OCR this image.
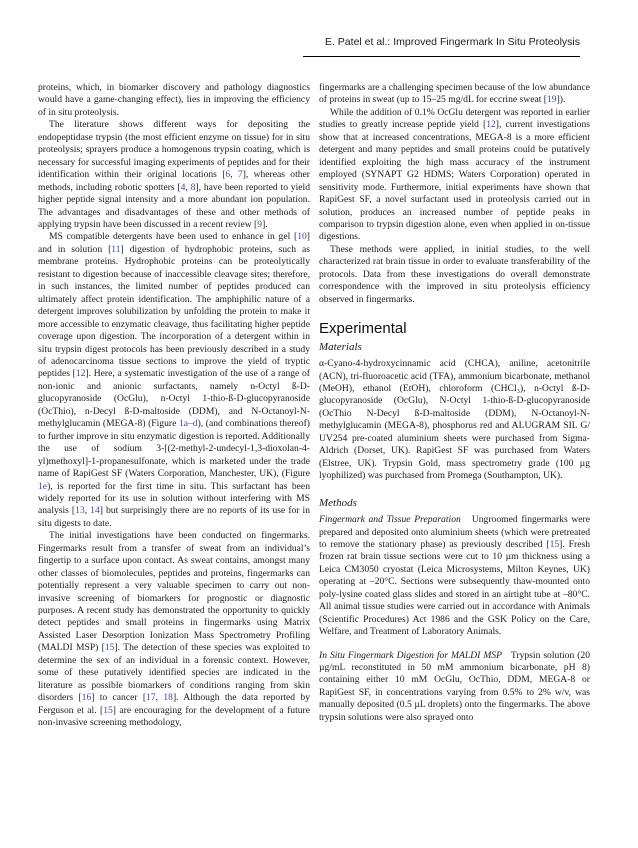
E. Patel et al.: Improved Fingermark In Situ Proteolysis

proteins, which, in biomarker discovery and pathology diagnostics would have a game-changing effect), lies in improving the efficiency of in situ proteolysis.

The literature shows different ways for depositing the endopeptidase trypsin (the most efficient enzyme on tissue) for in situ proteolysis; sprayers produce a homogenous trypsin coating, which is necessary for successful imaging experiments of peptides and for their identification within their original locations [6, 7], whereas other methods, including robotic spotters [4, 8], have been reported to yield higher peptide signal intensity and a more abundant ion population. The advantages and disadvantages of these and other methods of applying trypsin have been discussed in a recent review [9].

MS compatible detergents have been used to enhance in gel [10] and in solution [11] digestion of hydrophobic proteins, such as membrane proteins. Hydrophobic proteins can be proteolytically resistant to digestion because of inaccessible cleavage sites; therefore, in such instances, the limited number of peptides produced can ultimately affect protein identification. The amphiphilic nature of a detergent improves solubilization by unfolding the protein to make it more accessible to enzymatic cleavage, thus facilitating higher peptide coverage upon digestion. The incorporation of a detergent within in situ trypsin digest protocols has been previously described in a study of adenocarcinoma tissue sections to improve the yield of tryptic peptides [12]. Here, a systematic investigation of the use of a range of non-ionic and anionic surfactants, namely n-Octyl ß-D-glucopyranoside (OcGlu), n-Octyl 1-thio-ß-D-glucopyranoside (OcThio), n-Decyl ß-D-maltoside (DDM), and N-Octanoyl-N-methylglucamin (MEGA-8) (Figure 1a–d), (and combinations thereof) to further improve in situ enzymatic digestion is reported. Additionally the use of sodium 3-[(2-methyl-2-undecyl-1,3-dioxolan-4-yl)methoxyl]-1-propanesulfonate, which is marketed under the trade name of RapiGest SF (Waters Corporation, Manchester, UK), (Figure 1e), is reported for the first time in situ. This surfactant has been widely reported for its use in solution without interfering with MS analysis [13, 14] but surprisingly there are no reports of its use for in situ digests to date.

The initial investigations have been conducted on fingermarks. Fingermarks result from a transfer of sweat from an individual’s fingertip to a surface upon contact. As sweat contains, amongst many other classes of biomolecules, peptides and proteins, fingermarks can potentially represent a very valuable specimen to carry out non-invasive screening of biomarkers for prognostic or diagnostic purposes. A recent study has demonstrated the opportunity to quickly detect peptides and small proteins in fingermarks using Matrix Assisted Laser Desorption Ionization Mass Spectrometry Profiling (MALDI MSP) [15]. The detection of these species was exploited to determine the sex of an individual in a forensic context. However, some of these putatively identified species are indicated in the literature as possible biomarkers of conditions ranging from skin disorders [16] to cancer [17, 18]. Although the data reported by Ferguson et al. [15] are encouraging for the development of a future non-invasive screening methodology,

fingermarks are a challenging specimen because of the low abundance of proteins in sweat (up to 15–25 mg/dL for eccrine sweat [19]).

While the addition of 0.1% OcGlu detergent was reported in earlier studies to greatly increase peptide yield [12], current investigations show that at increased concentrations, MEGA-8 is a more efficient detergent and many peptides and small proteins could be putatively identified exploiting the high mass accuracy of the instrument employed (SYNAPT G2 HDMS; Waters Corporation) operated in sensitivity mode. Furthermore, initial experiments have shown that RapiGest SF, a novel surfactant used in proteolysis carried out in solution, produces an increased number of peptide peaks in comparison to trypsin digestion alone, even when applied in on-tissue digestions.

These methods were applied, in initial studies, to the well characterized rat brain tissue in order to evaluate transferability of the protocols. Data from these investigations do overall demonstrate correspondence with the improved in situ proteolysis efficiency observed in fingermarks.

Experimental
Materials

α-Cyano-4-hydroxycinnamic acid (CHCA), aniline, acetonitrile (ACN), tri-fluoroacetic acid (TFA), ammonium bicarbonate, methanol (MeOH), ethanol (EtOH), chloroform (CHCl₃), n-Octyl ß-D-glucopyranoside (OcGlu), N-Octyl 1-thio-ß-D-glucopyranoside (OcThio N-Decyl ß-D-maltoside (DDM), N-Octanoyl-N-methylglucamin (MEGA-8), phosphorus red and ALUGRAM SIL G/ UV254 pre-coated aluminium sheets were purchased from Sigma-Aldrich (Dorset, UK). RapiGest SF was purchased from Waters (Elstree, UK). Trypsin Gold, mass spectrometry grade (100 µg lyophilized) was purchased from Promega (Southampton, UK).

Methods

Fingermark and Tissue Preparation Ungroomed fingermarks were prepared and deposited onto aluminium sheets (which were pretreated to remove the stationary phase) as previously described [15]. Fresh frozen rat brain tissue sections were cut to 10 µm thickness using a Leica CM3050 cryostat (Leica Microsystems, Milton Keynes, UK) operating at –20°C. Sections were subsequently thaw-mounted onto poly-lysine coated glass slides and stored in an airtight tube at –80°C. All animal tissue studies were carried out in accordance with Animals (Scientific Procedures) Act 1986 and the GSK Policy on the Care, Welfare, and Treatment of Laboratory Animals.

In Situ Fingermark Digestion for MALDI MSP Trypsin solution (20 µg/mL reconstituted in 50 mM ammonium bicarbonate, pH 8) containing either 10 mM OcGlu, OcThio, DDM, MEGA-8 or RapiGest SF, in concentrations varying from 0.5% to 2% w/v, was manually deposited (0.5 µL droplets) onto the fingermarks. The above trypsin solutions were also sprayed onto
